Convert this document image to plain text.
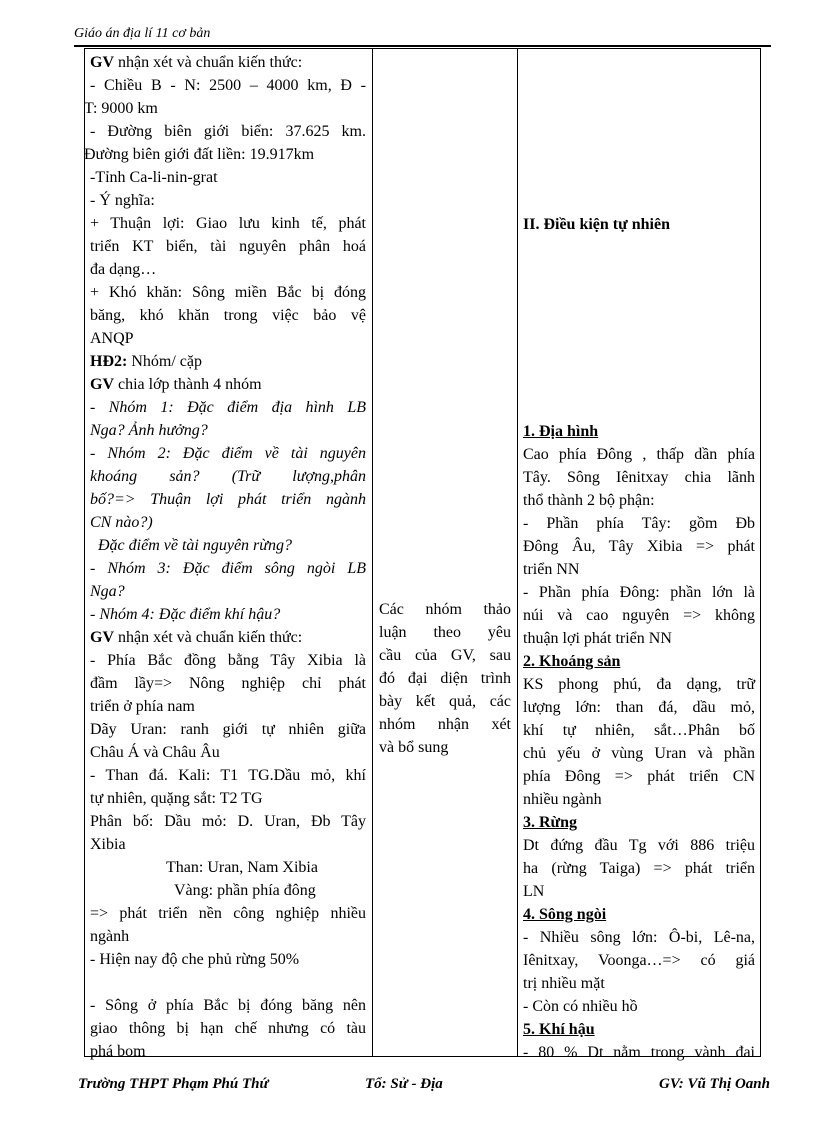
Giáo án địa lí 11 cơ bản
GV nhận xét và chuẩn kiến thức:
- Chiều B - N: 2500 – 4000 km, Đ -
T: 9000 km
- Đường biên giới biển: 37.625 km.
Đường biên giới đất liền: 19.917km
-Tỉnh Ca-li-nin-grat
- Ý nghĩa:
+ Thuận lợi: Giao lưu kinh tế, phát
triển KT biển, tài nguyên phân hoá
đa dạng…
+ Khó khăn: Sông miền Bắc bị đóng
băng, khó khăn trong việc bảo vệ
ANQP
HĐ2: Nhóm/ cặp
GV chia lớp thành 4 nhóm
- Nhóm 1: Đặc điểm địa hình LB
Nga? Ảnh hưởng?
- Nhóm 2: Đặc điểm về tài nguyên
khoáng sản? (Trữ lượng,phân
bố?=> Thuận lợi phát triển ngành
CN nào?)
Đặc điểm về tài nguyên rừng?
- Nhóm 3: Đặc điểm sông ngòi LB
Nga?
- Nhóm 4: Đặc điểm khí hậu?
GV nhận xét và chuẩn kiến thức:
- Phía Bắc đồng bằng Tây Xibia là
đầm lầy=> Nông nghiệp chỉ phát
triển ở phía nam
Dãy Uran: ranh giới tự nhiên giữa
Châu Á và Châu Âu
- Than đá. Kali: T1 TG.Dầu mỏ, khí
tự nhiên, quặng sắt: T2 TG
Phân bố: Dầu mỏ: D. Uran, Đb Tây
Xibia
Than: Uran, Nam Xibia
Vàng: phần phía đông
=> phát triển nền công nghiệp nhiều
ngành
- Hiện nay độ che phủ rừng 50%

- Sông ở phía Bắc bị đóng băng nên
giao thông bị hạn chế nhưng có tàu
phá bom
Các nhóm thảo
luận theo yêu
cầu của GV, sau
đó đại diện trình
bày kết quả, các
nhóm nhận xét
và bổ sung
II. Điều kiện tự nhiên
1. Địa hình
Cao phía Đông , thấp dần phía
Tây. Sông Iênitxay chia lãnh
thổ thành 2 bộ phận:
- Phần phía Tây: gồm Đb
Đông Âu, Tây Xibia => phát
triển NN
- Phần phía Đông: phần lớn là
núi và cao nguyên => không
thuận lợi phát triển NN
2. Khoáng sản
KS phong phú, đa dạng, trữ
lượng lớn: than đá, dầu mỏ,
khí tự nhiên, sắt…Phân bố
chủ yếu ở vùng Uran và phần
phía Đông => phát triển CN
nhiều ngành
3. Rừng
Dt đứng đầu Tg với 886 triệu
ha (rừng Taiga) => phát triển
LN
4. Sông ngòi
- Nhiều sông lớn: Ô-bi, Lê-na,
Iênitxay, Voonga…=> có giá
trị nhiều mặt
- Còn có nhiều hồ
5. Khí hậu
- 80 % Dt nằm trong vành đai
Trường THPT Phạm Phú Thứ	Tổ: Sử - Địa	GV: Vũ Thị Oanh
